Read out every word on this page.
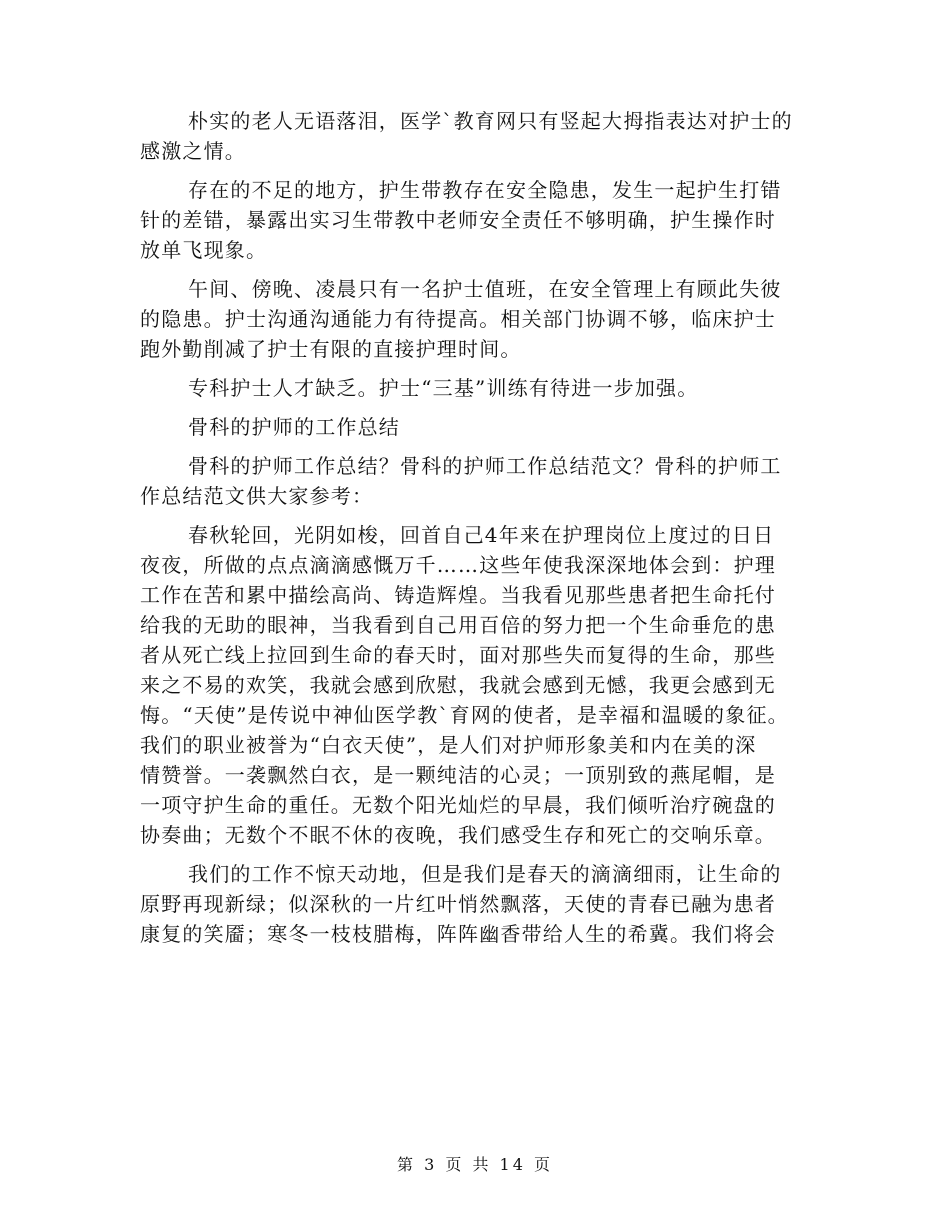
朴实的老人无语落泪，医学`教育网只有竖起大拇指表达对护士的
感激之情。
存在的不足的地方，护生带教存在安全隐患，发生一起护生打错
针的差错，暴露出实习生带教中老师安全责任不够明确，护生操作时
放单飞现象。
午间、傍晚、凌晨只有一名护士值班，在安全管理上有顾此失彼
的隐患。护士沟通沟通能力有待提高。相关部门协调不够，临床护士
跑外勤削减了护士有限的直接护理时间。
专科护士人才缺乏。护士“三基”训练有待进一步加强。
骨科的护师的工作总结
骨科的护师工作总结？骨科的护师工作总结范文？骨科的护师工
作总结范文供大家参考：
春秋轮回，光阴如梭，回首自己4年来在护理岗位上度过的日日
夜夜，所做的点点滴滴感慨万千……这些年使我深深地体会到：护理
工作在苦和累中描绘高尚、铸造辉煌。当我看见那些患者把生命托付
给我的无助的眼神，当我看到自己用百倍的努力把一个生命垂危的患
者从死亡线上拉回到生命的春天时，面对那些失而复得的生命，那些
来之不易的欢笑，我就会感到欣慰，我就会感到无憾，我更会感到无
悔。“天使”是传说中神仙医学教`育网的使者，是幸福和温暖的象征。
我们的职业被誉为“白衣天使”，是人们对护师形象美和内在美的深
情赞誉。一袭飘然白衣，是一颗纯洁的心灵；一顶别致的燕尾帽，是
一项守护生命的重任。无数个阳光灿烂的早晨，我们倾听治疗碗盘的
协奏曲；无数个不眠不休的夜晚，我们感受生存和死亡的交响乐章。
我们的工作不惊天动地，但是我们是春天的滴滴细雨，让生命的
原野再现新绿；似深秋的一片红叶悄然飘落，天使的青春已融为患者
康复的笑靥；寒冬一枝枝腊梅，阵阵幽香带给人生的希冀。我们将会
第 3 页 共 14 页
